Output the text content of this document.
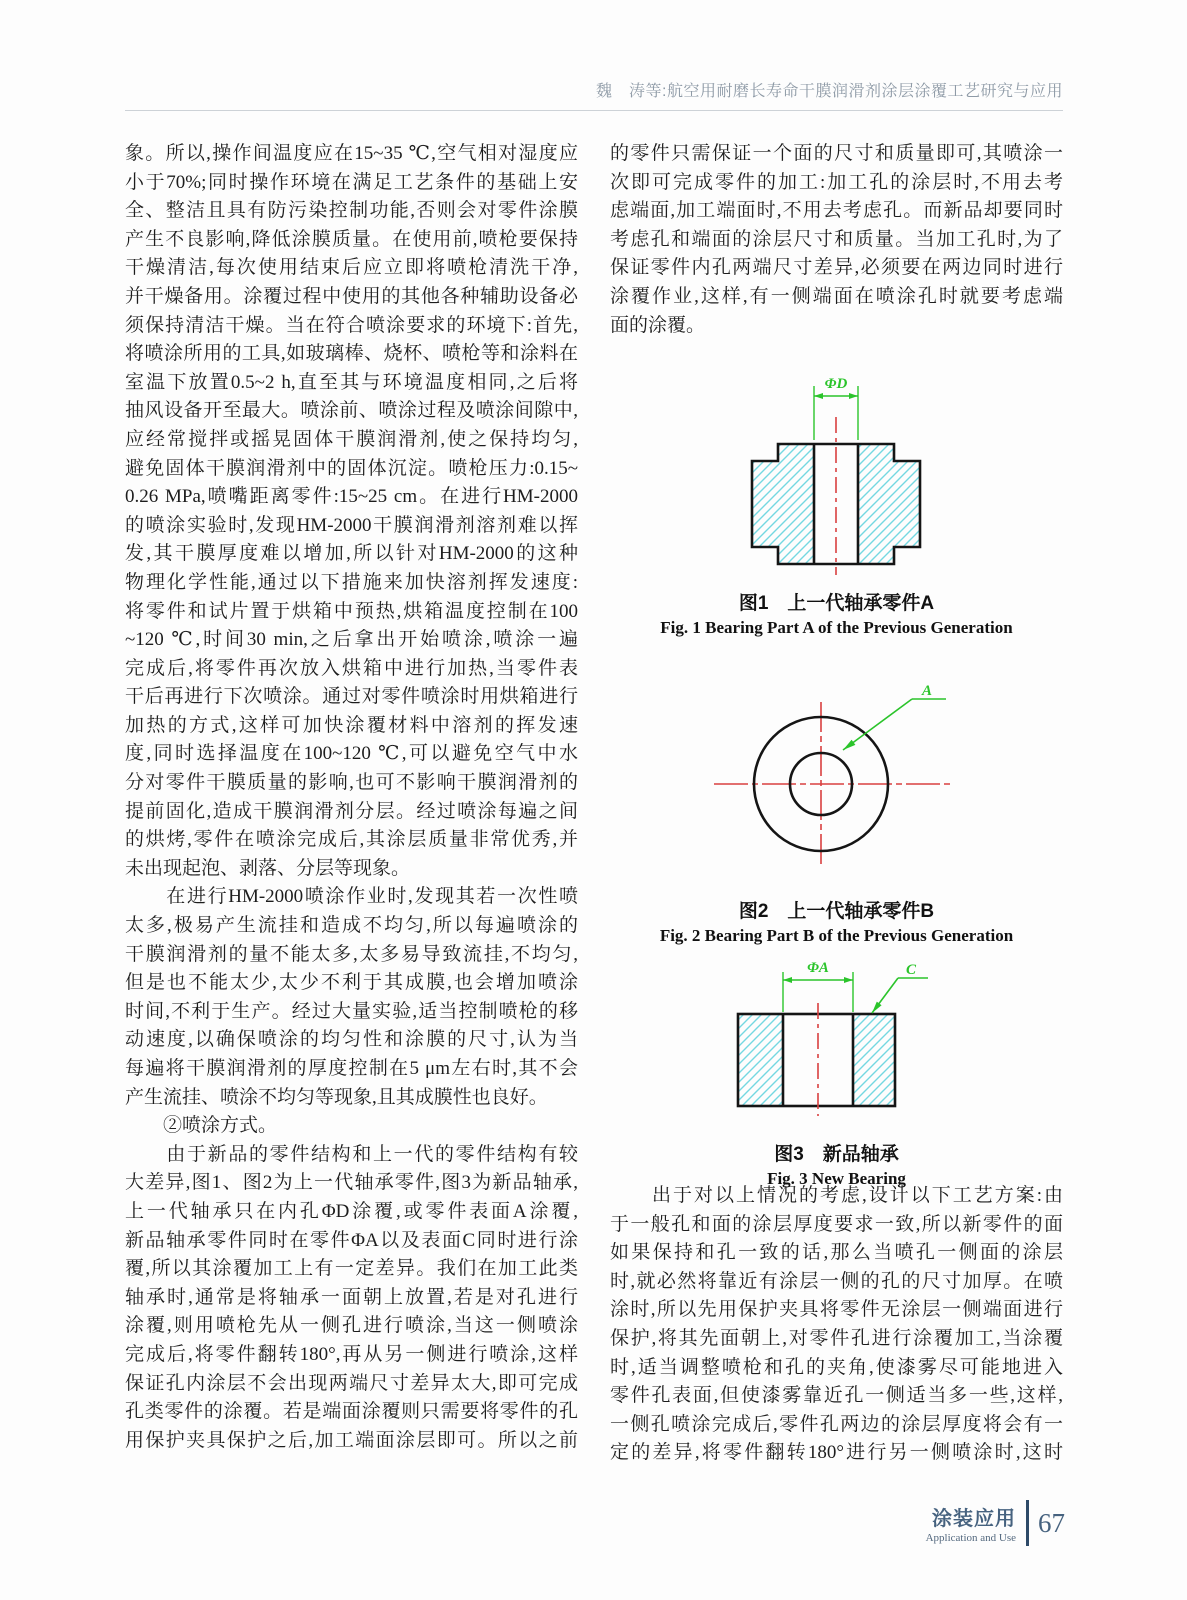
魏　涛等:航空用耐磨长寿命干膜润滑剂涂层涂覆工艺研究与应用
象。所以,操作间温度应在15~35 ℃,空气相对湿度应
小于70%;同时操作环境在满足工艺条件的基础上安
全、整洁且具有防污染控制功能,否则会对零件涂膜
产生不良影响,降低涂膜质量。在使用前,喷枪要保持
干燥清洁,每次使用结束后应立即将喷枪清洗干净,
并干燥备用。涂覆过程中使用的其他各种辅助设备必
须保持清洁干燥。当在符合喷涂要求的环境下:首先,
将喷涂所用的工具,如玻璃棒、烧杯、喷枪等和涂料在
室温下放置0.5~2 h,直至其与环境温度相同,之后将
抽风设备开至最大。喷涂前、喷涂过程及喷涂间隙中,
应经常搅拌或摇晃固体干膜润滑剂,使之保持均匀,
避免固体干膜润滑剂中的固体沉淀。喷枪压力:0.15~
0.26 MPa,喷嘴距离零件:15~25 cm。在进行HM-2000
的喷涂实验时,发现HM-2000干膜润滑剂溶剂难以挥
发,其干膜厚度难以增加,所以针对HM-2000的这种
物理化学性能,通过以下措施来加快溶剂挥发速度:
将零件和试片置于烘箱中预热,烘箱温度控制在100
~120 ℃,时间30 min,之后拿出开始喷涂,喷涂一遍
完成后,将零件再次放入烘箱中进行加热,当零件表
干后再进行下次喷涂。通过对零件喷涂时用烘箱进行
加热的方式,这样可加快涂覆材料中溶剂的挥发速
度,同时选择温度在100~120 ℃,可以避免空气中水
分对零件干膜质量的影响,也可不影响干膜润滑剂的
提前固化,造成干膜润滑剂分层。经过喷涂每遍之间
的烘烤,零件在喷涂完成后,其涂层质量非常优秀,并
未出现起泡、剥落、分层等现象。
　　在进行HM-2000喷涂作业时,发现其若一次性喷
太多,极易产生流挂和造成不均匀,所以每遍喷涂的
干膜润滑剂的量不能太多,太多易导致流挂,不均匀,
但是也不能太少,太少不利于其成膜,也会增加喷涂
时间,不利于生产。经过大量实验,适当控制喷枪的移
动速度,以确保喷涂的均匀性和涂膜的尺寸,认为当
每遍将干膜润滑剂的厚度控制在5 μm左右时,其不会
产生流挂、喷涂不均匀等现象,且其成膜性也良好。
　　②喷涂方式。
　　由于新品的零件结构和上一代的零件结构有较
大差异,图1、图2为上一代轴承零件,图3为新品轴承,
上一代轴承只在内孔ΦD涂覆,或零件表面A涂覆,
新品轴承零件同时在零件ΦA以及表面C同时进行涂
覆,所以其涂覆加工上有一定差异。我们在加工此类
轴承时,通常是将轴承一面朝上放置,若是对孔进行
涂覆,则用喷枪先从一侧孔进行喷涂,当这一侧喷涂
完成后,将零件翻转180°,再从另一侧进行喷涂,这样
保证孔内涂层不会出现两端尺寸差异太大,即可完成
孔类零件的涂覆。若是端面涂覆则只需要将零件的孔
用保护夹具保护之后,加工端面涂层即可。所以之前
的零件只需保证一个面的尺寸和质量即可,其喷涂一
次即可完成零件的加工:加工孔的涂层时,不用去考
虑端面,加工端面时,不用去考虑孔。而新品却要同时
考虑孔和端面的涂层尺寸和质量。当加工孔时,为了
保证零件内孔两端尺寸差异,必须要在两边同时进行
涂覆作业,这样,有一侧端面在喷涂孔时就要考虑端
面的涂覆。
ΦD
图1　上一代轴承零件A
Fig. 1 Bearing Part A of the Previous Generation
A
图2　上一代轴承零件B
Fig. 2 Bearing Part B of the Previous Generation
ΦA	C
图3　新品轴承
Fig. 3 New Bearing
　　出于对以上情况的考虑,设计以下工艺方案:由
于一般孔和面的涂层厚度要求一致,所以新零件的面
如果保持和孔一致的话,那么当喷孔一侧面的涂层
时,就必然将靠近有涂层一侧的孔的尺寸加厚。在喷
涂时,所以先用保护夹具将零件无涂层一侧端面进行
保护,将其先面朝上,对零件孔进行涂覆加工,当涂覆
时,适当调整喷枪和孔的夹角,使漆雾尽可能地进入
零件孔表面,但使漆雾靠近孔一侧适当多一些,这样,
一侧孔喷涂完成后,零件孔两边的涂层厚度将会有一
定的差异,将零件翻转180°进行另一侧喷涂时,这时
涂装应用
Application and Use
67
